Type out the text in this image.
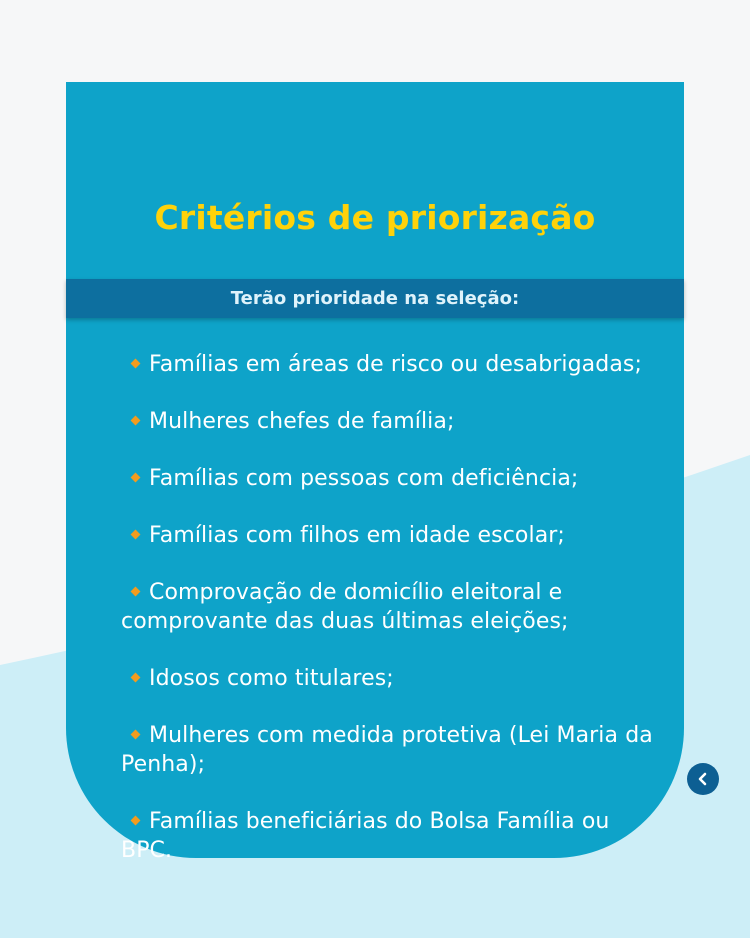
Critérios de priorização
Terão prioridade na seleção:
Famílias em áreas de risco ou desabrigadas;
Mulheres chefes de família;
Famílias com pessoas com deficiência;
Famílias com filhos em idade escolar;
Comprovação de domicílio eleitoral e comprovante das duas últimas eleições;
Idosos como titulares;
Mulheres com medida protetiva (Lei Maria da Penha);
Famílias beneficiárias do Bolsa Família ou BPC.
